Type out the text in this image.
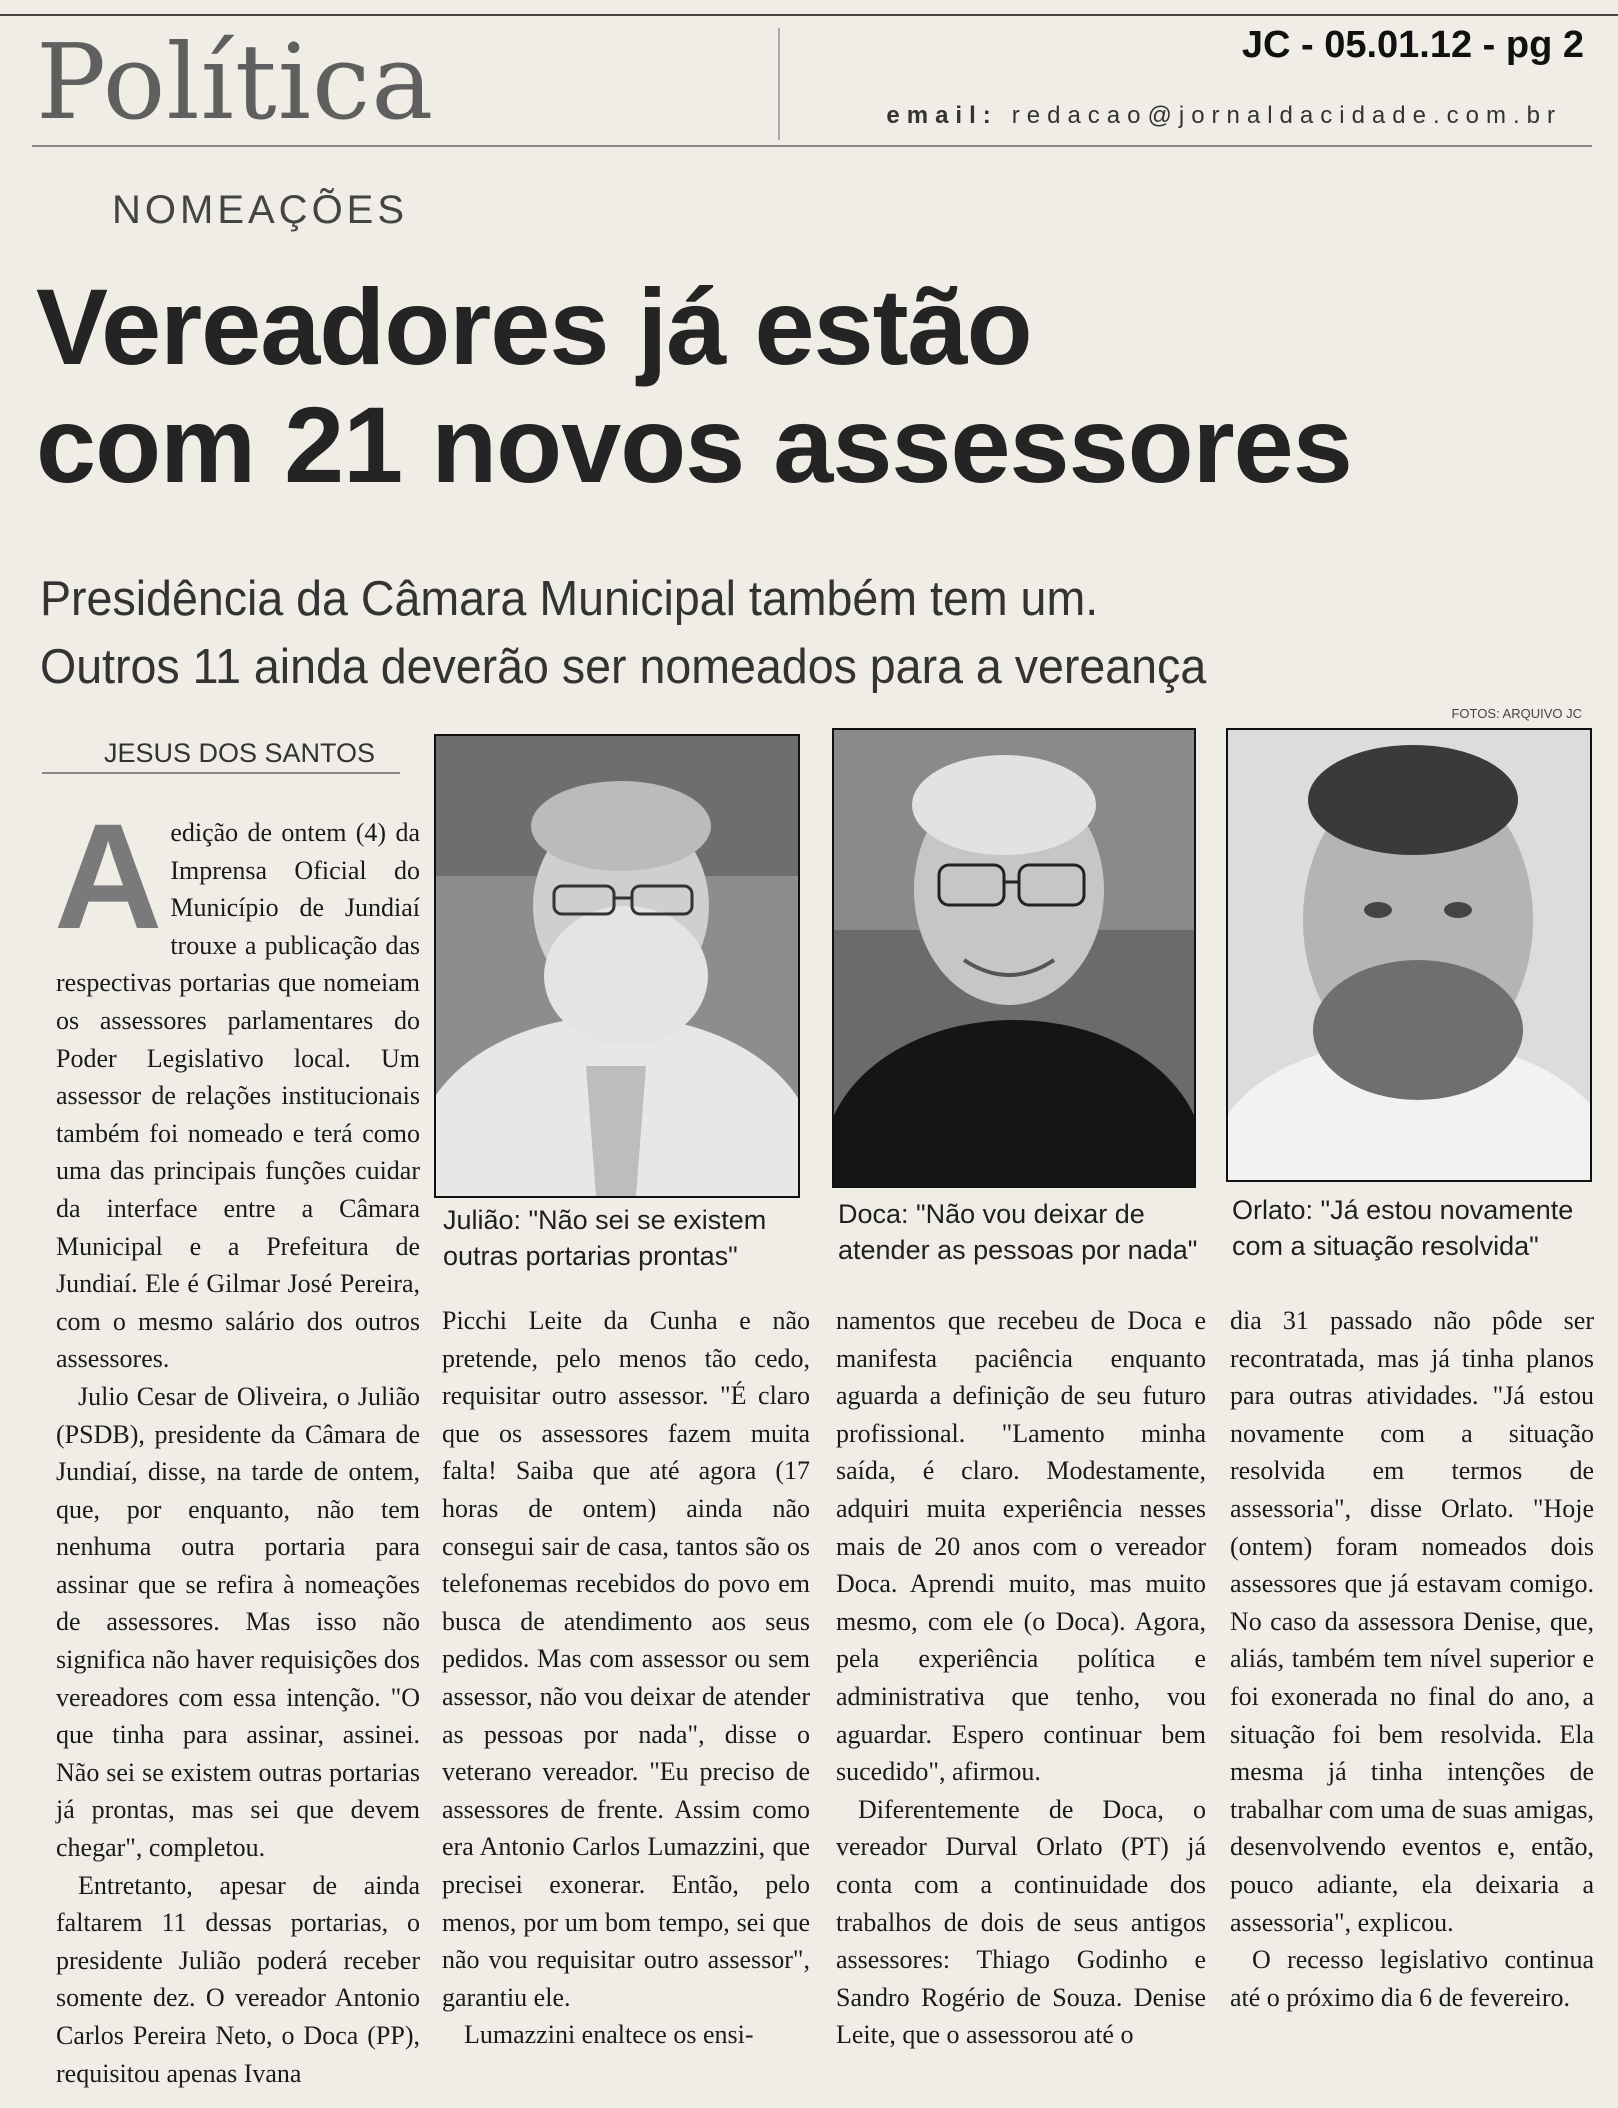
Política	JC - 05.01.12 - pg 2
email: redacao@jornaldacidade.com.br
NOMEAÇÕES
Vereadores já estão
com 21 novos assessores
Presidência da Câmara Municipal também tem um.
Outros 11 ainda deverão ser nomeados para a vereança
FOTOS: ARQUIVO JC
JESUS DOS SANTOS
Julião: "Não sei se existem
outras portarias prontas"
Doca: "Não vou deixar de
atender as pessoas por nada"
Orlato: "Já estou novamente
com a situação resolvida"

Aedição de ontem (4) da Imprensa Oficial do Município de Jundiaí trouxe a publicação das respectivas portarias que nomeiam os assessores parlamentares do Poder Legislativo local. Um assessor de relações institucionais também foi nomeado e terá como uma das principais funções cuidar da interface entre a Câmara Municipal e a Prefeitura de Jundiaí. Ele é Gilmar José Pereira, com o mesmo salário dos outros assessores.

Julio Cesar de Oliveira, o Julião (PSDB), presidente da Câmara de Jundiaí, disse, na tarde de ontem, que, por enquanto, não tem nenhuma outra portaria para assinar que se refira à nomeações de assessores. Mas isso não significa não haver requisições dos vereadores com essa intenção. "O que tinha para assinar, assinei. Não sei se existem outras portarias já prontas, mas sei que devem chegar", completou.

Entretanto, apesar de ainda faltarem 11 dessas portarias, o presidente Julião poderá receber somente dez. O vereador Antonio Carlos Pereira Neto, o Doca (PP), requisitou apenas Ivana

Picchi Leite da Cunha e não pretende, pelo menos tão cedo, requisitar outro assessor. "É claro que os assessores fazem muita falta! Saiba que até agora (17 horas de ontem) ainda não consegui sair de casa, tantos são os telefonemas recebidos do povo em busca de atendimento aos seus pedidos. Mas com assessor ou sem assessor, não vou deixar de atender as pessoas por nada", disse o veterano vereador. "Eu preciso de assessores de frente. Assim como era Antonio Carlos Lumazzini, que precisei exonerar. Então, pelo menos, por um bom tempo, sei que não vou requisitar outro assessor", garantiu ele.

Lumazzini enaltece os ensi-

namentos que recebeu de Doca e manifesta paciência enquanto aguarda a definição de seu futuro profissional. "Lamento minha saída, é claro. Modestamente, adquiri muita experiência nesses mais de 20 anos com o vereador Doca. Aprendi muito, mas muito mesmo, com ele (o Doca). Agora, pela experiência política e administrativa que tenho, vou aguardar. Espero continuar bem sucedido", afirmou.

Diferentemente de Doca, o vereador Durval Orlato (PT) já conta com a continuidade dos trabalhos de dois de seus antigos assessores: Thiago Godinho e Sandro Rogério de Souza. Denise Leite, que o assessorou até o

dia 31 passado não pôde ser recontratada, mas já tinha planos para outras atividades. "Já estou novamente com a situação resolvida em termos de assessoria", disse Orlato. "Hoje (ontem) foram nomeados dois assessores que já estavam comigo. No caso da assessora Denise, que, aliás, também tem nível superior e foi exonerada no final do ano, a situação foi bem resolvida. Ela mesma já tinha intenções de trabalhar com uma de suas amigas, desenvolvendo eventos e, então, pouco adiante, ela deixaria a assessoria", explicou.

O recesso legislativo continua até o próximo dia 6 de fevereiro.
